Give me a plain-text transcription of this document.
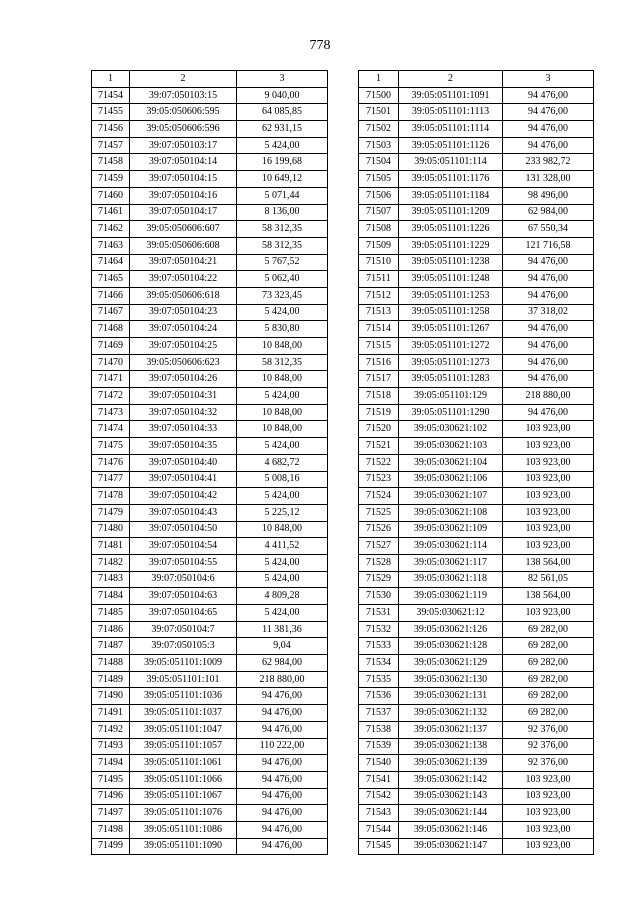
778
1	2	3
71454	39:07:050103:15	9 040,00
71455	39:05:050606:595	64 085,85
71456	39:05:050606:596	62 931,15
71457	39:07:050103:17	5 424,00
71458	39:07:050104:14	16 199,68
71459	39:07:050104:15	10 649,12
71460	39:07:050104:16	5 071,44
71461	39:07:050104:17	8 136,00
71462	39:05:050606:607	58 312,35
71463	39:05:050606:608	58 312,35
71464	39:07:050104:21	5 767,52
71465	39:07:050104:22	5 062,40
71466	39:05:050606:618	73 323,45
71467	39:07:050104:23	5 424,00
71468	39:07:050104:24	5 830,80
71469	39:07:050104:25	10 848,00
71470	39:05:050606:623	58 312,35
71471	39:07:050104:26	10 848,00
71472	39:07:050104:31	5 424,00
71473	39:07:050104:32	10 848,00
71474	39:07:050104:33	10 848,00
71475	39:07:050104:35	5 424,00
71476	39:07:050104:40	4 682,72
71477	39:07:050104:41	5 008,16
71478	39:07:050104:42	5 424,00
71479	39:07:050104:43	5 225,12
71480	39:07:050104:50	10 848,00
71481	39:07:050104:54	4 411,52
71482	39:07:050104:55	5 424,00
71483	39:07:050104:6	5 424,00
71484	39:07:050104:63	4 809,28
71485	39:07:050104:65	5 424,00
71486	39:07:050104:7	11 381,36
71487	39:07:050105:3	9,04
71488	39:05:051101:1009	62 984,00
71489	39:05:051101:101	218 880,00
71490	39:05:051101:1036	94 476,00
71491	39:05:051101:1037	94 476,00
71492	39:05:051101:1047	94 476,00
71493	39:05:051101:1057	110 222,00
71494	39:05:051101:1061	94 476,00
71495	39:05:051101:1066	94 476,00
71496	39:05:051101:1067	94 476,00
71497	39:05:051101:1076	94 476,00
71498	39:05:051101:1086	94 476,00
71499	39:05:051101:1090	94 476,00
1	2	3
71500	39:05:051101:1091	94 476,00
71501	39:05:051101:1113	94 476,00
71502	39:05:051101:1114	94 476,00
71503	39:05:051101:1126	94 476,00
71504	39:05:051101:114	233 982,72
71505	39:05:051101:1176	131 328,00
71506	39:05:051101:1184	98 496,00
71507	39:05:051101:1209	62 984,00
71508	39:05:051101:1226	67 550,34
71509	39:05:051101:1229	121 716,58
71510	39:05:051101:1238	94 476,00
71511	39:05:051101:1248	94 476,00
71512	39:05:051101:1253	94 476,00
71513	39:05:051101:1258	37 318,02
71514	39:05:051101:1267	94 476,00
71515	39:05:051101:1272	94 476,00
71516	39:05:051101:1273	94 476,00
71517	39:05:051101:1283	94 476,00
71518	39:05:051101:129	218 880,00
71519	39:05:051101:1290	94 476,00
71520	39:05:030621:102	103 923,00
71521	39:05:030621:103	103 923,00
71522	39:05:030621:104	103 923,00
71523	39:05:030621:106	103 923,00
71524	39:05:030621:107	103 923,00
71525	39:05:030621:108	103 923,00
71526	39:05:030621:109	103 923,00
71527	39:05:030621:114	103 923,00
71528	39:05:030621:117	138 564,00
71529	39:05:030621:118	82 561,05
71530	39:05:030621:119	138 564,00
71531	39:05:030621:12	103 923,00
71532	39:05:030621:126	69 282,00
71533	39:05:030621:128	69 282,00
71534	39:05:030621:129	69 282,00
71535	39:05:030621:130	69 282,00
71536	39:05:030621:131	69 282,00
71537	39:05:030621:132	69 282,00
71538	39:05:030621:137	92 376,00
71539	39:05:030621:138	92 376,00
71540	39:05:030621:139	92 376,00
71541	39:05:030621:142	103 923,00
71542	39:05:030621:143	103 923,00
71543	39:05:030621:144	103 923,00
71544	39:05:030621:146	103 923,00
71545	39:05:030621:147	103 923,00
